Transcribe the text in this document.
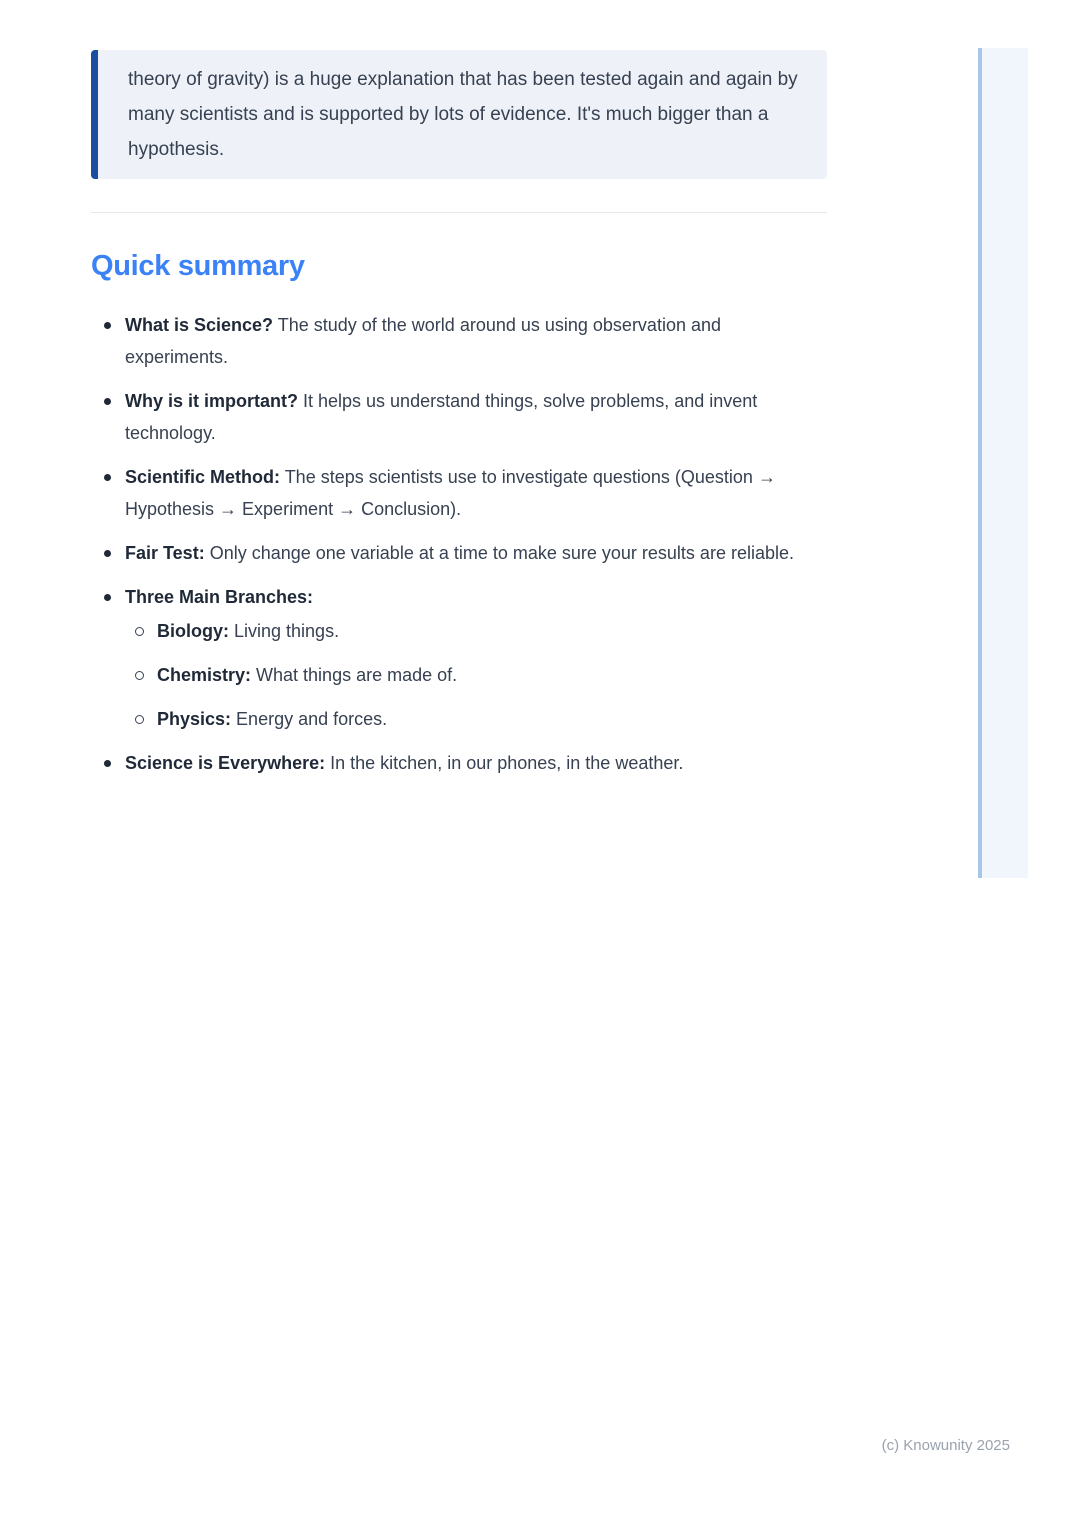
theory of gravity) is a huge explanation that has been tested again and again by many scientists and is supported by lots of evidence. It's much bigger than a hypothesis.

Quick summary
What is Science? The study of the world around us using observation and experiments.
Why is it important? It helps us understand things, solve problems, and invent technology.
Scientific Method: The steps scientists use to investigate questions (Question → Hypothesis → Experiment → Conclusion).
Fair Test: Only change one variable at a time to make sure your results are reliable.
Three Main Branches:
Biology: Living things.
Chemistry: What things are made of.
Physics: Energy and forces.
Science is Everywhere: In the kitchen, in our phones, in the weather.
(c) Knowunity 2025
